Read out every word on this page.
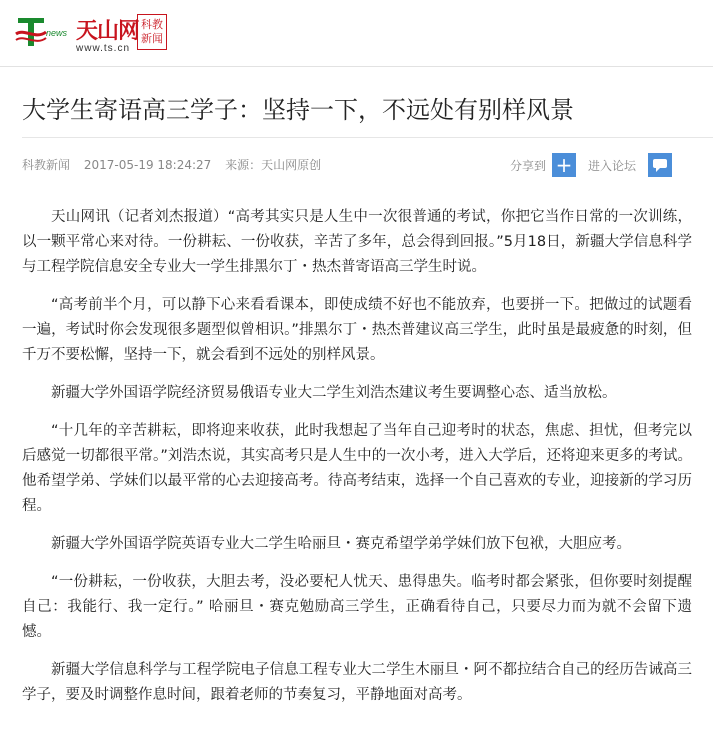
news 天山网
www.ts.cn
科教
新闻
大学生寄语高三学子：坚持一下，不远处有别样风景
科教新闻 2017-05-19 18:24:27 来源：天山网原创	分享到 +	进入论坛

天山网讯（记者刘杰报道）“高考其实只是人生中一次很普通的考试，你把它当作日常的一次训练，以一颗平常心来对待。一份耕耘、一份收获，辛苦了多年，总会得到回报。”5月18日，新疆大学信息科学与工程学院信息安全专业大一学生排黑尔丁・热杰普寄语高三学生时说。

“高考前半个月，可以静下心来看看课本，即使成绩不好也不能放弃，也要拼一下。把做过的试题看一遍，考试时你会发现很多题型似曾相识。”排黑尔丁・热杰普建议高三学生，此时虽是最疲惫的时刻，但千万不要松懈，坚持一下，就会看到不远处的别样风景。

新疆大学外国语学院经济贸易俄语专业大二学生刘浩杰建议考生要调整心态、适当放松。

“十几年的辛苦耕耘，即将迎来收获，此时我想起了当年自己迎考时的状态，焦虑、担忧，但考完以后感觉一切都很平常。”刘浩杰说，其实高考只是人生中的一次小考，进入大学后，还将迎来更多的考试。他希望学弟、学妹们以最平常的心去迎接高考。待高考结束，选择一个自己喜欢的专业，迎接新的学习历程。

新疆大学外国语学院英语专业大二学生哈丽旦・赛克希望学弟学妹们放下包袱，大胆应考。

“一份耕耘，一份收获，大胆去考，没必要杞人忧天、患得患失。临考时都会紧张，但你要时刻提醒自己：我能行、我一定行。” 哈丽旦・赛克勉励高三学生，正确看待自己，只要尽力而为就不会留下遗憾。

新疆大学信息科学与工程学院电子信息工程专业大二学生木丽旦・阿不都拉结合自己的经历告诫高三学子，要及时调整作息时间，跟着老师的节奏复习，平静地面对高考。
